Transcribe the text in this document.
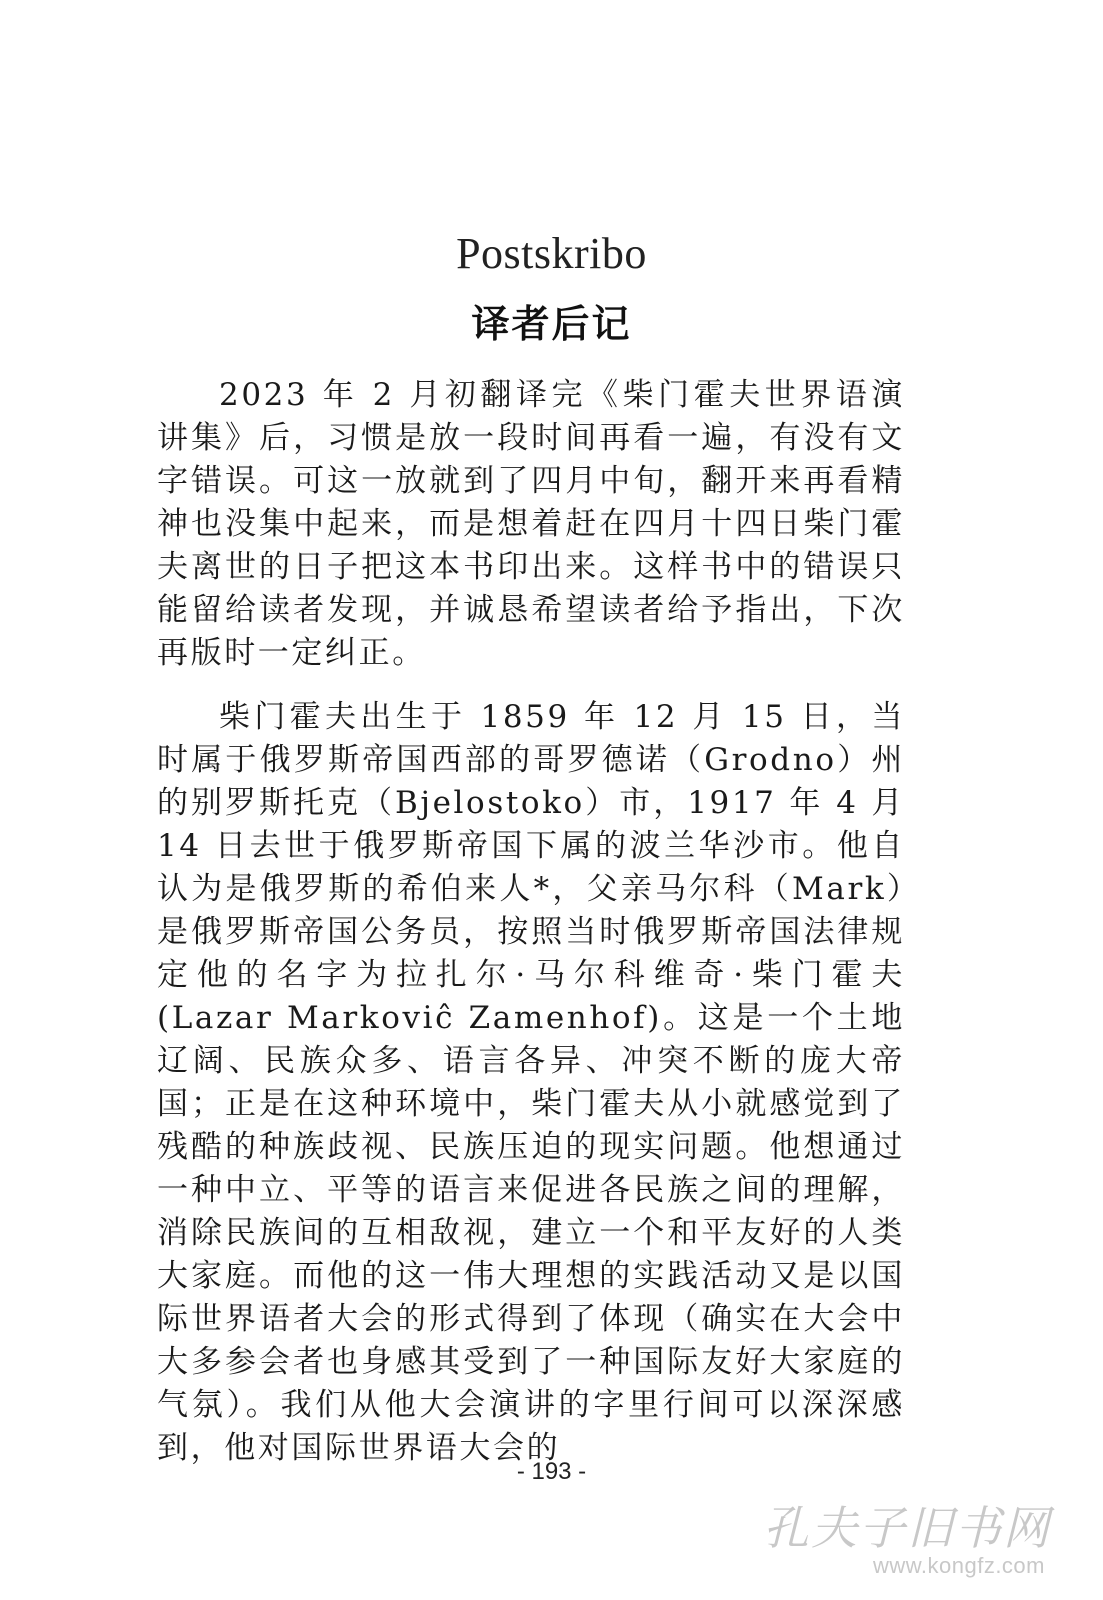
Postskribo
译者后记

2023 年 2 月初翻译完《柴门霍夫世界语演讲集》后，习惯是放一段时间再看一遍，有没有文字错误。可这一放就到了四月中旬，翻开来再看精神也没集中起来，而是想着赶在四月十四日柴门霍夫离世的日子把这本书印出来。这样书中的错误只能留给读者发现，并诚恳希望读者给予指出，下次再版时一定纠正。

柴门霍夫出生于 1859 年 12 月 15 日，当时属于俄罗斯帝国西部的哥罗德诺（Grodno）州的别罗斯托克（Bjelostoko）市，1917 年 4 月 14 日去世于俄罗斯帝国下属的波兰华沙市。他自认为是俄罗斯的希伯来人*，父亲马尔科（Mark）是俄罗斯帝国公务员，按照当时俄罗斯帝国法律规定他的名字为拉扎尔·马尔科维奇·柴门霍夫 (Lazar Markoviĉ Zamenhof)。这是一个土地辽阔、民族众多、语言各异、冲突不断的庞大帝国；正是在这种环境中，柴门霍夫从小就感觉到了残酷的种族歧视、民族压迫的现实问题。他想通过一种中立、平等的语言来促进各民族之间的理解，消除民族间的互相敌视，建立一个和平友好的人类大家庭。而他的这一伟大理想的实践活动又是以国际世界语者大会的形式得到了体现（确实在大会中大多参会者也身感其受到了一种国际友好大家庭的气氛）。我们从他大会演讲的字里行间可以深深感到，他对国际世界语大会的

- 193 -
孔夫子旧书网
www.kongfz.com
